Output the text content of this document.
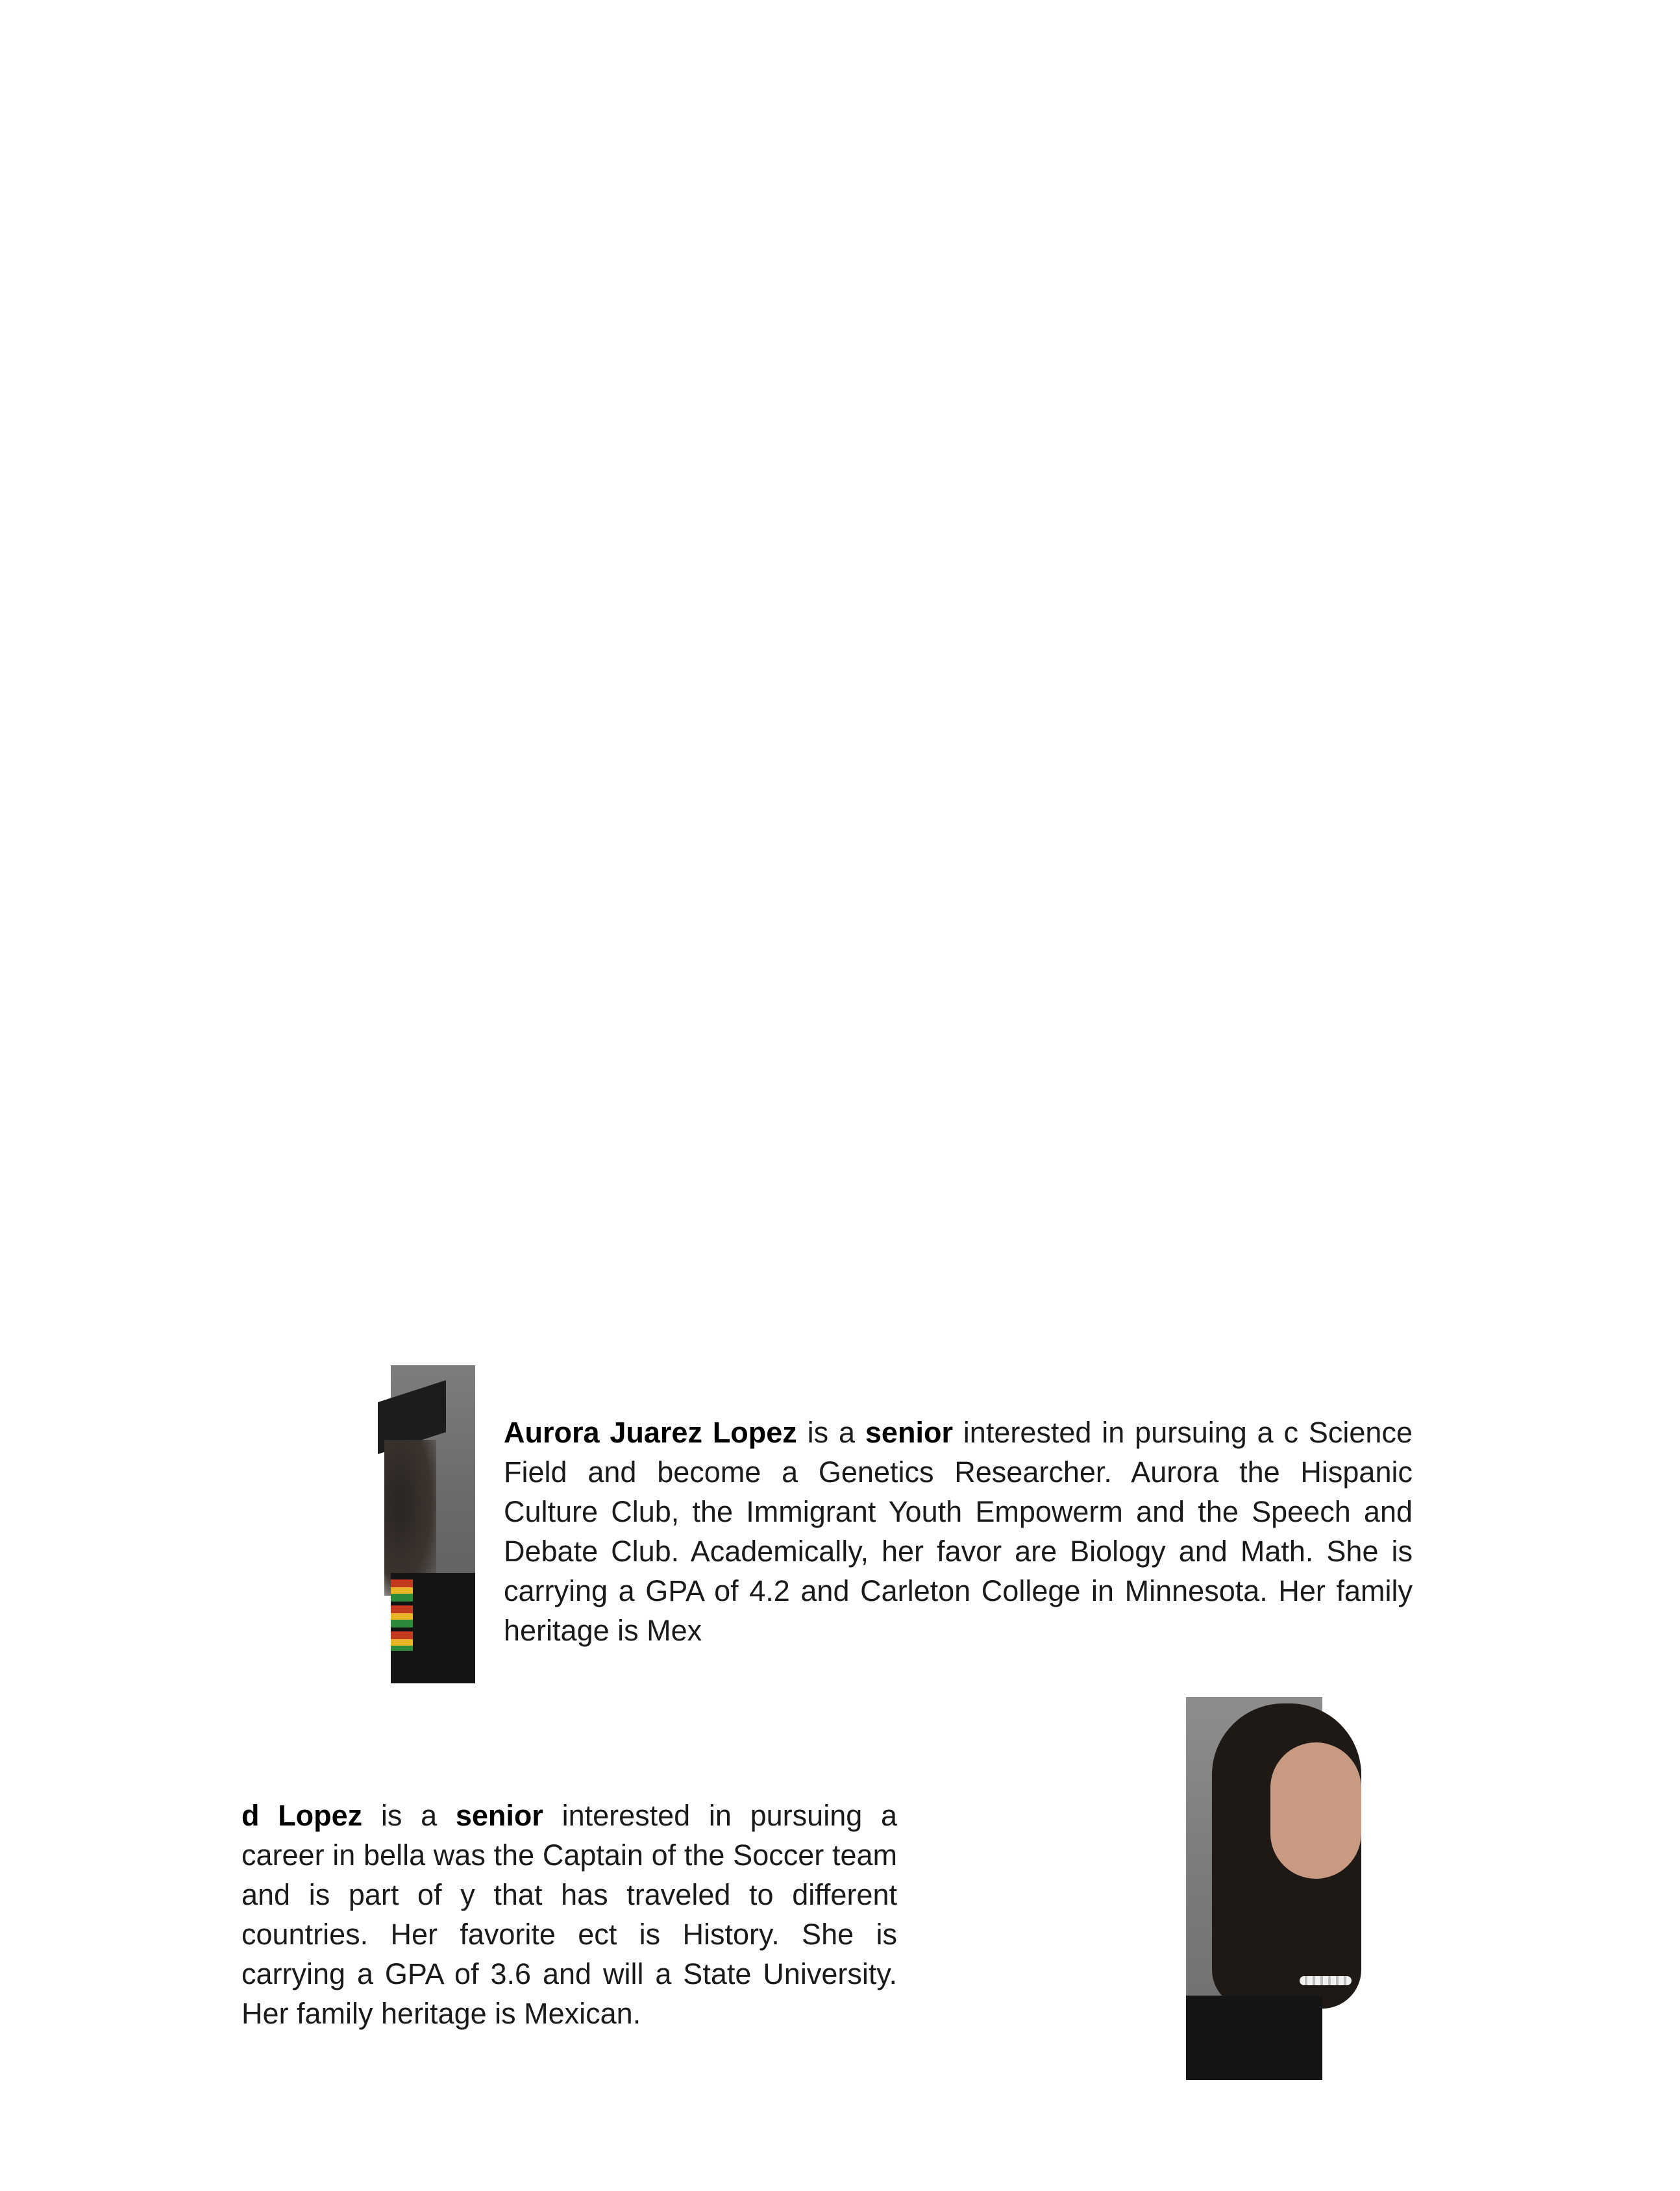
Aurora Juarez Lopez is a senior interested in pursuing a c Science Field and become a Genetics Researcher. Aurora the Hispanic Culture Club, the Immigrant Youth Empowerm and the Speech and Debate Club. Academically, her favor are Biology and Math. She is carrying a GPA of 4.2 and Carleton College in Minnesota. Her family heritage is Mex

d Lopez is a senior interested in pursuing a career in bella was the Captain of the Soccer team and is part of y that has traveled to different countries. Her favorite ect is History. She is carrying a GPA of 3.6 and will a State University. Her family heritage is Mexican.
